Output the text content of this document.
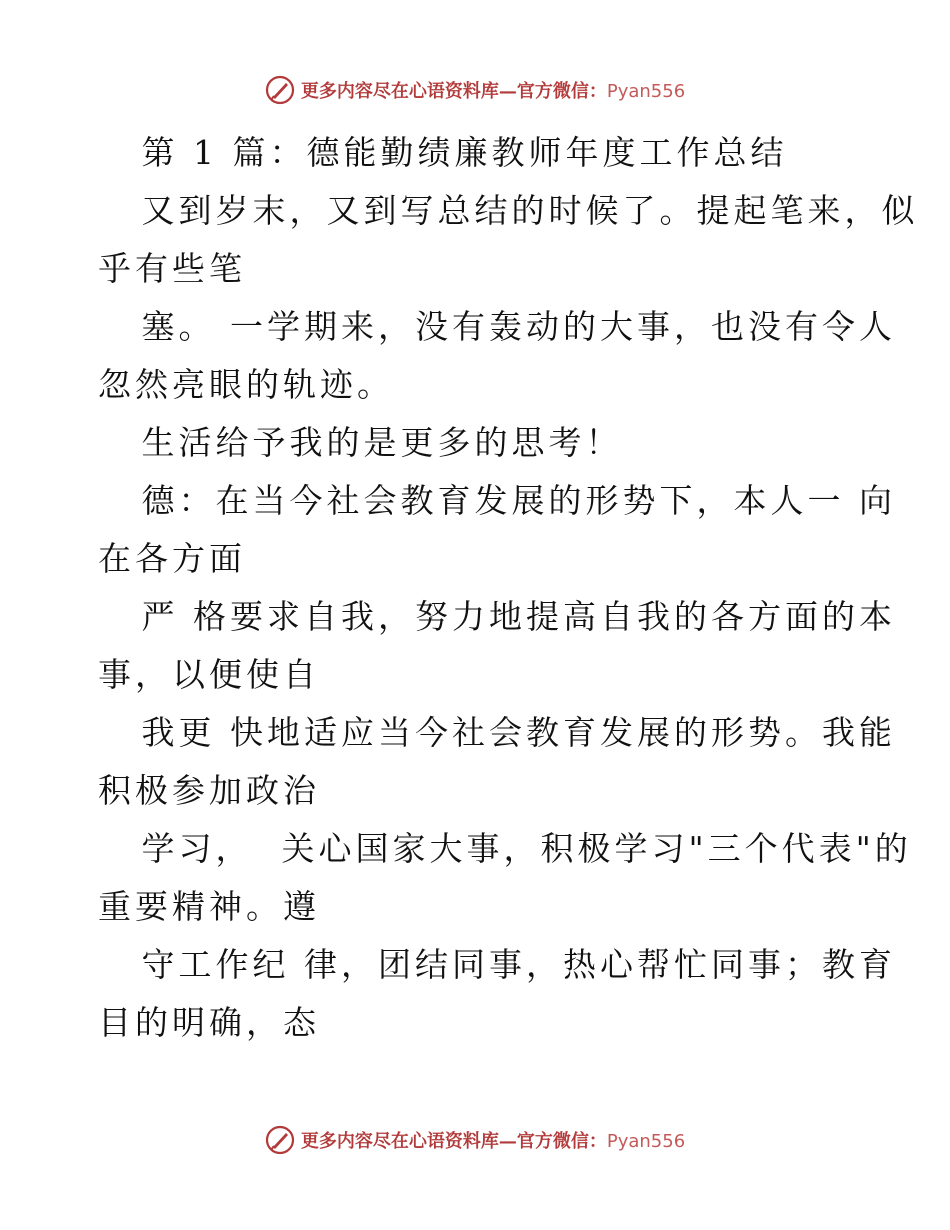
更多内容尽在心语资料库—官方微信：Pyan556
第 1 篇：德能勤绩廉教师年度工作总结
又到岁末，又到写总结的时候了。提起笔来，似
乎有些笔
塞。 一学期来，没有轰动的大事，也没有令人
忽然亮眼的轨迹。
生活给予我的是更多的思考！
德：在当今社会教育发展的形势下，本人一 向
在各方面
严 格要求自我，努力地提高自我的各方面的本
事，以便使自
我更 快地适应当今社会教育发展的形势。我能
积极参加政治
学习，  关心国家大事，积极学习"三个代表"的
重要精神。遵
守工作纪 律，团结同事，热心帮忙同事；教育
目的明确，态
更多内容尽在心语资料库—官方微信：Pyan556
